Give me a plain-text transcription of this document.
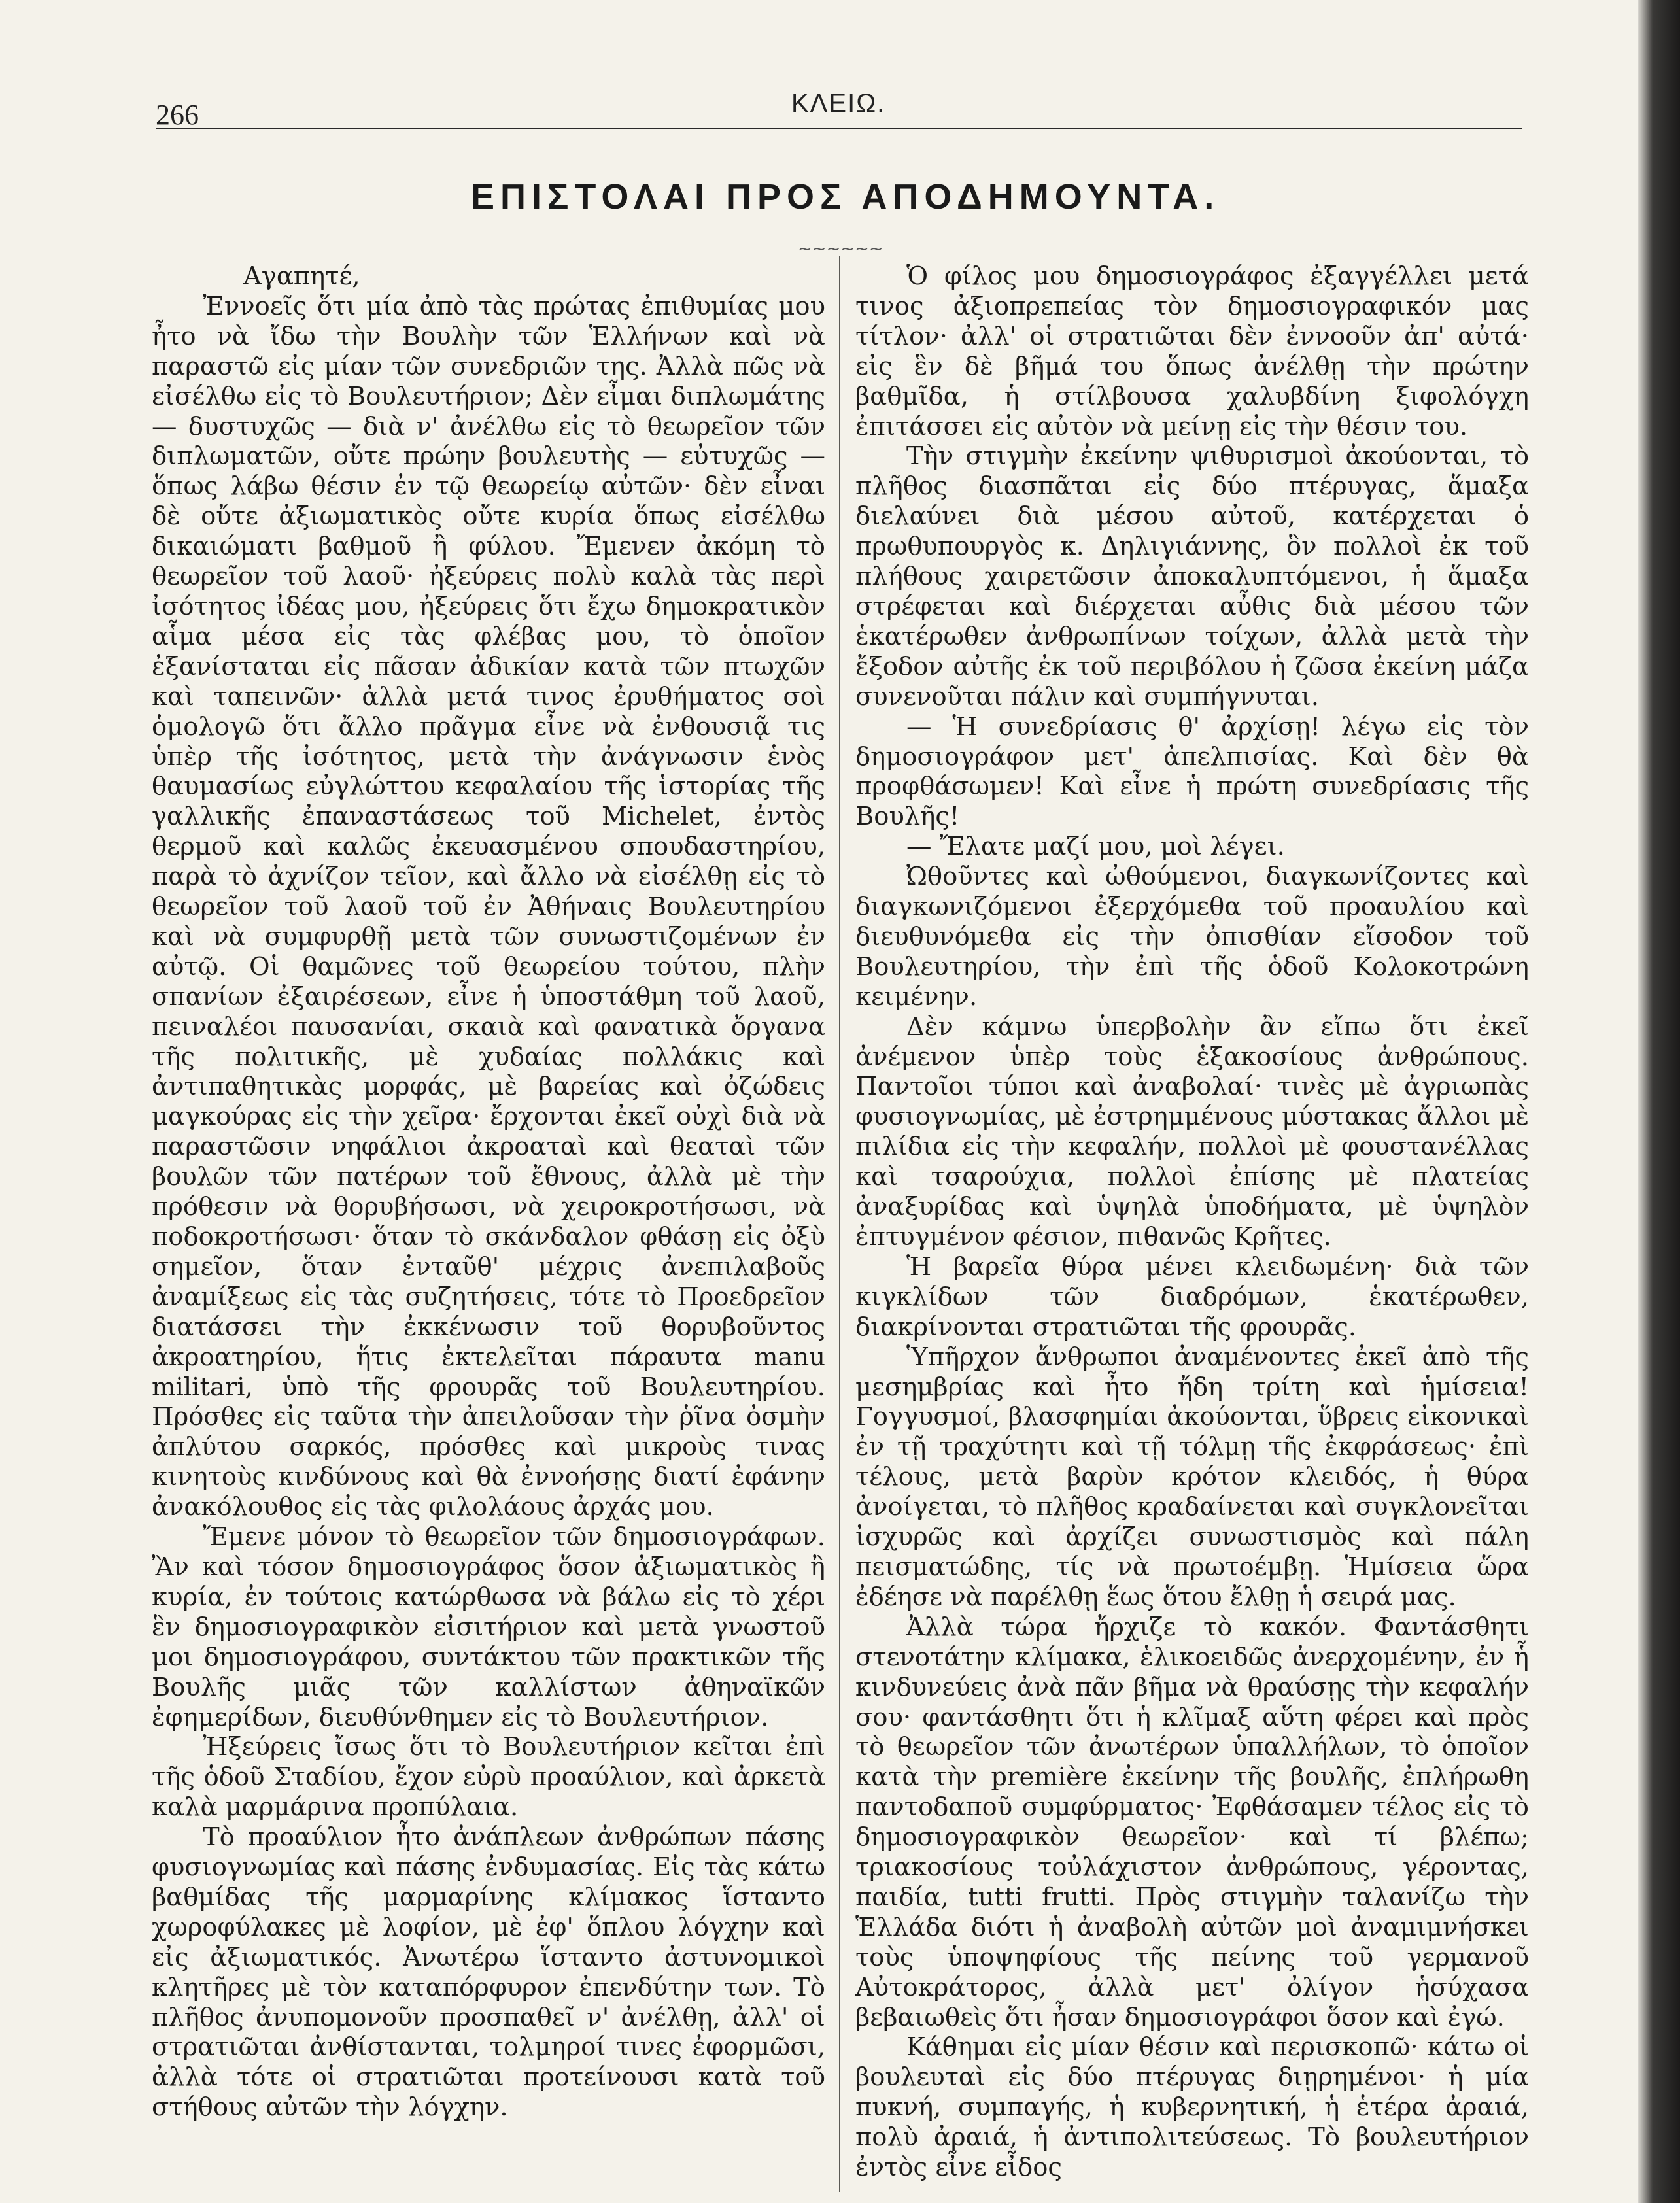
266	ΚΛΕΙΩ.
ΕΠΙΣΤΟΛΑΙ ΠΡΟΣ ΑΠΟΔΗΜΟΥΝΤΑ.
~~~~~~

Αγαπητέ,

Ἐννοεῖς ὅτι μία ἀπὸ τὰς πρώτας ἐπιθυμίας μου ἦτο νὰ ἴδω τὴν Βουλὴν τῶν Ἑλλήνων καὶ νὰ παραστῶ εἰς μίαν τῶν συνεδριῶν της. Ἀλλὰ πῶς νὰ εἰσέλθω εἰς τὸ Βουλευτήριον; Δὲν εἶμαι διπλωμάτης — δυστυχῶς — διὰ ν' ἀνέλθω εἰς τὸ θεωρεῖον τῶν διπλωματῶν, οὔτε πρώην βουλευτὴς — εὐτυχῶς — ὅπως λάβω θέσιν ἐν τῷ θεωρείῳ αὐτῶν· δὲν εἶναι δὲ οὔτε ἀξιωματικὸς οὔτε κυρία ὅπως εἰσέλθω δικαιώματι βαθμοῦ ἢ φύλου. Ἔμενεν ἀκόμη τὸ θεωρεῖον τοῦ λαοῦ· ἠξεύρεις πολὺ καλὰ τὰς περὶ ἰσότητος ἰδέας μου, ἠξεύρεις ὅτι ἔχω δημοκρατικὸν αἷμα μέσα εἰς τὰς φλέβας μου, τὸ ὁποῖον ἐξανίσταται εἰς πᾶσαν ἀδικίαν κατὰ τῶν πτωχῶν καὶ ταπεινῶν· ἀλλὰ μετά τινος ἐρυθήματος σοὶ ὁμολογῶ ὅτι ἄλλο πρᾶγμα εἶνε νὰ ἐνθουσιᾷ τις ὑπὲρ τῆς ἰσότητος, μετὰ τὴν ἀνάγνωσιν ἑνὸς θαυμασίως εὐγλώττου κεφαλαίου τῆς ἱστορίας τῆς γαλλικῆς ἐπαναστάσεως τοῦ Michelet, ἐντὸς θερμοῦ καὶ καλῶς ἐκευασμένου σπουδαστηρίου, παρὰ τὸ ἀχνίζον τεῖον, καὶ ἄλλο νὰ εἰσέλθῃ εἰς τὸ θεωρεῖον τοῦ λαοῦ τοῦ ἐν Ἀθήναις Βουλευτηρίου καὶ νὰ συμφυρθῇ μετὰ τῶν συνωστιζομένων ἐν αὐτῷ. Οἱ θαμῶνες τοῦ θεωρείου τούτου, πλὴν σπανίων ἐξαιρέσεων, εἶνε ἡ ὑποστάθμη τοῦ λαοῦ, πειναλέοι παυσανίαι, σκαιὰ καὶ φανατικὰ ὄργανα τῆς πολιτικῆς, μὲ χυδαίας πολλάκις καὶ ἀντιπαθητικὰς μορφάς, μὲ βαρείας καὶ ὀζώδεις μαγκούρας εἰς τὴν χεῖρα· ἔρχονται ἐκεῖ οὐχὶ διὰ νὰ παραστῶσιν νηφάλιοι ἀκροαταὶ καὶ θεαταὶ τῶν βουλῶν τῶν πατέρων τοῦ ἔθνους, ἀλλὰ μὲ τὴν πρόθεσιν νὰ θορυβήσωσι, νὰ χειροκροτήσωσι, νὰ ποδοκροτήσωσι· ὅταν τὸ σκάνδαλον φθάσῃ εἰς ὀξὺ σημεῖον, ὅταν ἐνταῦθ' μέχρις ἀνεπιλαβοῦς ἀναμίξεως εἰς τὰς συζητήσεις, τότε τὸ Προεδρεῖον διατάσσει τὴν ἐκκένωσιν τοῦ θορυβοῦντος ἀκροατηρίου, ἥτις ἐκτελεῖται πάραυτα manu militari, ὑπὸ τῆς φρουρᾶς τοῦ Βουλευτηρίου. Πρόσθες εἰς ταῦτα τὴν ἀπειλοῦσαν τὴν ῥῖνα ὀσμὴν ἀπλύτου σαρκός, πρόσθες καὶ μικροὺς τινας κινητοὺς κινδύνους καὶ θὰ ἐννοήσῃς διατί ἐφάνην ἀνακόλουθος εἰς τὰς φιλολάους ἀρχάς μου.

Ἔμενε μόνον τὸ θεωρεῖον τῶν δημοσιογράφων. Ἂν καὶ τόσον δημοσιογράφος ὅσον ἀξιωματικὸς ἢ κυρία, ἐν τούτοις κατώρθωσα νὰ βάλω εἰς τὸ χέρι ἓν δημοσιογραφικὸν εἰσιτήριον καὶ μετὰ γνωστοῦ μοι δημοσιογράφου, συντάκτου τῶν πρακτικῶν τῆς Βουλῆς μιᾶς τῶν καλλίστων ἀθηναϊκῶν ἐφημερίδων, διευθύνθημεν εἰς τὸ Βουλευτήριον.

Ἠξεύρεις ἴσως ὅτι τὸ Βουλευτήριον κεῖται ἐπὶ τῆς ὁδοῦ Σταδίου, ἔχον εὐρὺ προαύλιον, καὶ ἀρκετὰ καλὰ μαρμάρινα προπύλαια.

Τὸ προαύλιον ἦτο ἀνάπλεων ἀνθρώπων πάσης φυσιογνωμίας καὶ πάσης ἐνδυμασίας. Εἰς τὰς κάτω βαθμίδας τῆς μαρμαρίνης κλίμακος ἵσταντο χωροφύλακες μὲ λοφίον, μὲ ἐφ' ὅπλου λόγχην καὶ εἰς ἀξιωματικός. Ἀνωτέρω ἵσταντο ἀστυνομικοὶ κλητῆρες μὲ τὸν καταπόρφυρον ἐπενδύτην των. Τὸ πλῆθος ἀνυπομονοῦν προσπαθεῖ ν' ἀνέλθῃ, ἀλλ' οἱ στρατιῶται ἀνθίστανται, τολμηροί τινες ἐφορμῶσι, ἀλλὰ τότε οἱ στρατιῶται προτείνουσι κατὰ τοῦ στήθους αὐτῶν τὴν λόγχην.

Ὁ φίλος μου δημοσιογράφος ἐξαγγέλλει μετά τινος ἀξιοπρεπείας τὸν δημοσιογραφικόν μας τίτλον· ἀλλ' οἱ στρατιῶται δὲν ἐννοοῦν ἀπ' αὐτά· εἰς ἓν δὲ βῆμά του ὅπως ἀνέλθῃ τὴν πρώτην βαθμῖδα, ἡ στίλβουσα χαλυβδίνη ξιφολόγχη ἐπιτάσσει εἰς αὐτὸν νὰ μείνῃ εἰς τὴν θέσιν του.

Τὴν στιγμὴν ἐκείνην ψιθυρισμοὶ ἀκούονται, τὸ πλῆθος διασπᾶται εἰς δύο πτέρυγας, ἅμαξα διελαύνει διὰ μέσου αὐτοῦ, κατέρχεται ὁ πρωθυπουργὸς κ. Δηλιγιάννης, ὃν πολλοὶ ἐκ τοῦ πλήθους χαιρετῶσιν ἀποκαλυπτόμενοι, ἡ ἅμαξα στρέφεται καὶ διέρχεται αὖθις διὰ μέσου τῶν ἑκατέρωθεν ἀνθρωπίνων τοίχων, ἀλλὰ μετὰ τὴν ἔξοδον αὐτῆς ἐκ τοῦ περιβόλου ἡ ζῶσα ἐκείνη μάζα συνενοῦται πάλιν καὶ συμπήγνυται.

— Ἡ συνεδρίασις θ' ἀρχίσῃ! λέγω εἰς τὸν δημοσιογράφον μετ' ἀπελπισίας. Καὶ δὲν θὰ προφθάσωμεν! Καὶ εἶνε ἡ πρώτη συνεδρίασις τῆς Βουλῆς!

— Ἔλατε μαζί μου, μοὶ λέγει.

Ὠθοῦντες καὶ ὠθούμενοι, διαγκωνίζοντες καὶ διαγκωνιζόμενοι ἐξερχόμεθα τοῦ προαυλίου καὶ διευθυνόμεθα εἰς τὴν ὀπισθίαν εἴσοδον τοῦ Βουλευτηρίου, τὴν ἐπὶ τῆς ὁδοῦ Κολοκοτρώνη κειμένην.

Δὲν κάμνω ὑπερβολὴν ἂν εἴπω ὅτι ἐκεῖ ἀνέμενον ὑπὲρ τοὺς ἑξακοσίους ἀνθρώπους. Παντοῖοι τύποι καὶ ἀναβολαί· τινὲς μὲ ἀγριωπὰς φυσιογνωμίας, μὲ ἐστρημμένους μύστακας ἄλλοι μὲ πιλίδια εἰς τὴν κεφαλήν, πολλοὶ μὲ φουστανέλλας καὶ τσαρούχια, πολλοὶ ἐπίσης μὲ πλατείας ἀναξυρίδας καὶ ὑψηλὰ ὑποδήματα, μὲ ὑψηλὸν ἐπτυγμένον φέσιον, πιθανῶς Κρῆτες.

Ἡ βαρεῖα θύρα μένει κλειδωμένη· διὰ τῶν κιγκλίδων τῶν διαδρόμων, ἑκατέρωθεν, διακρίνονται στρατιῶται τῆς φρουρᾶς.

Ὑπῆρχον ἄνθρωποι ἀναμένοντες ἐκεῖ ἀπὸ τῆς μεσημβρίας καὶ ἦτο ἤδη τρίτη καὶ ἡμίσεια! Γογγυσμοί, βλασφημίαι ἀκούονται, ὕβρεις εἰκονικαὶ ἐν τῇ τραχύτητι καὶ τῇ τόλμῃ τῆς ἐκφράσεως· ἐπὶ τέλους, μετὰ βαρὺν κρότον κλειδός, ἡ θύρα ἀνοίγεται, τὸ πλῆθος κραδαίνεται καὶ συγκλονεῖται ἰσχυρῶς καὶ ἀρχίζει συνωστισμὸς καὶ πάλη πεισματώδης, τίς νὰ πρωτοέμβῃ. Ἡμίσεια ὥρα ἐδέησε νὰ παρέλθῃ ἕως ὅτου ἔλθῃ ἡ σειρά μας.

Ἀλλὰ τώρα ἤρχιζε τὸ κακόν. Φαντάσθητι στενοτάτην κλίμακα, ἑλικοειδῶς ἀνερχομένην, ἐν ἧ κινδυνεύεις ἀνὰ πᾶν βῆμα νὰ θραύσῃς τὴν κεφαλήν σου· φαντάσθητι ὅτι ἡ κλῖμαξ αὕτη φέρει καὶ πρὸς τὸ θεωρεῖον τῶν ἀνωτέρων ὑπαλλήλων, τὸ ὁποῖον κατὰ τὴν première ἐκείνην τῆς βουλῆς, ἐπλήρωθη παντοδαποῦ συμφύρματος· Ἐφθάσαμεν τέλος εἰς τὸ δημοσιογραφικὸν θεωρεῖον· καὶ τί βλέπω; τριακοσίους τοὐλάχιστον ἀνθρώπους, γέροντας, παιδία, tutti frutti. Πρὸς στιγμὴν ταλανίζω τὴν Ἑλλάδα διότι ἡ ἀναβολὴ αὐτῶν μοὶ ἀναμιμνήσκει τοὺς ὑποψηφίους τῆς πείνης τοῦ γερμανοῦ Αὐτοκράτορος, ἀλλὰ μετ' ὀλίγον ἡσύχασα βεβαιωθεὶς ὅτι ἦσαν δημοσιογράφοι ὅσον καὶ ἐγώ.

Κάθημαι εἰς μίαν θέσιν καὶ περισκοπῶ· κάτω οἱ βουλευταὶ εἰς δύο πτέρυγας διῃρημένοι· ἡ μία πυκνή, συμπαγής, ἡ κυβερνητική, ἡ ἑτέρα ἀραιά, πολὺ ἀραιά, ἡ ἀντιπολιτεύσεως. Τὸ βουλευτήριον ἐντὸς εἶνε εἶδος
